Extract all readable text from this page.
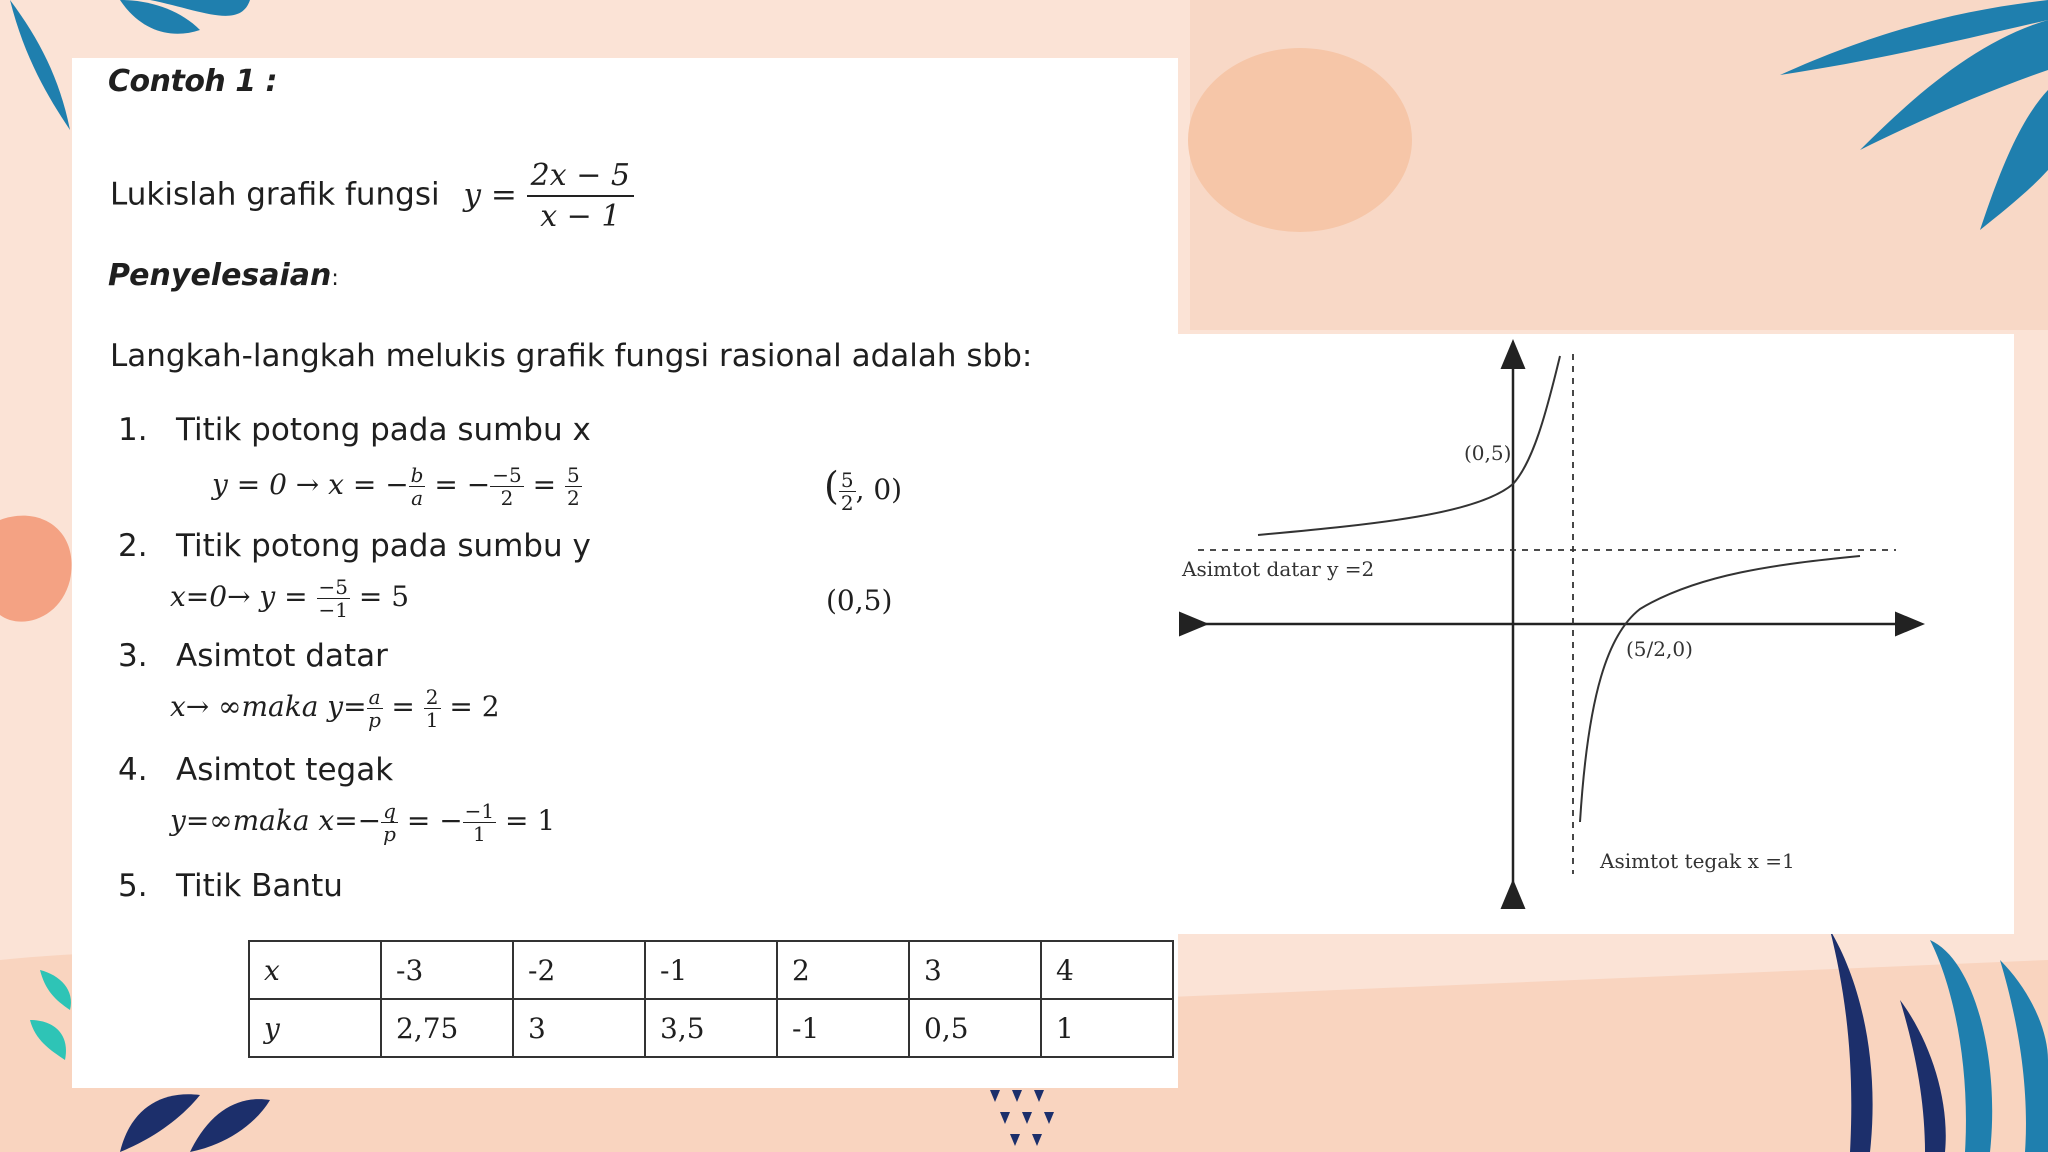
Contoh 1 :
Lukislah grafik fungsi $y = \frac{2x - 5}{x - 1}$
Penyelesaian:
Langkah-langkah melukis grafik fungsi rasional adalah sbb:
1. Titik potong pada sumbu x
y = 0 → x = − $\frac{b}{a}$ = − $\frac{-5}{2} = \frac{5}{2}$	( $\frac{5}{2}$ , 0)
2. Titik potong pada sumbu y
$x=0\to y = \frac{-5}{-1} = 5$	(0,5)
3. Asimtot datar
x→ ∞maka $y= \frac{a}{p} = \frac{2}{1} = 2$
4. Asimtot tegak
y=∞maka $x=- \frac{q}{p}$ = − $\frac{-1}{1} = 1$
5. Titik Bantu
x	-3	-2	-1	2	3	4
y	2,75	3	3,5	-1	0,5	1
(0,5)
(5/2,0)
Asimtot datar y =2
Asimtot tegak x =1
